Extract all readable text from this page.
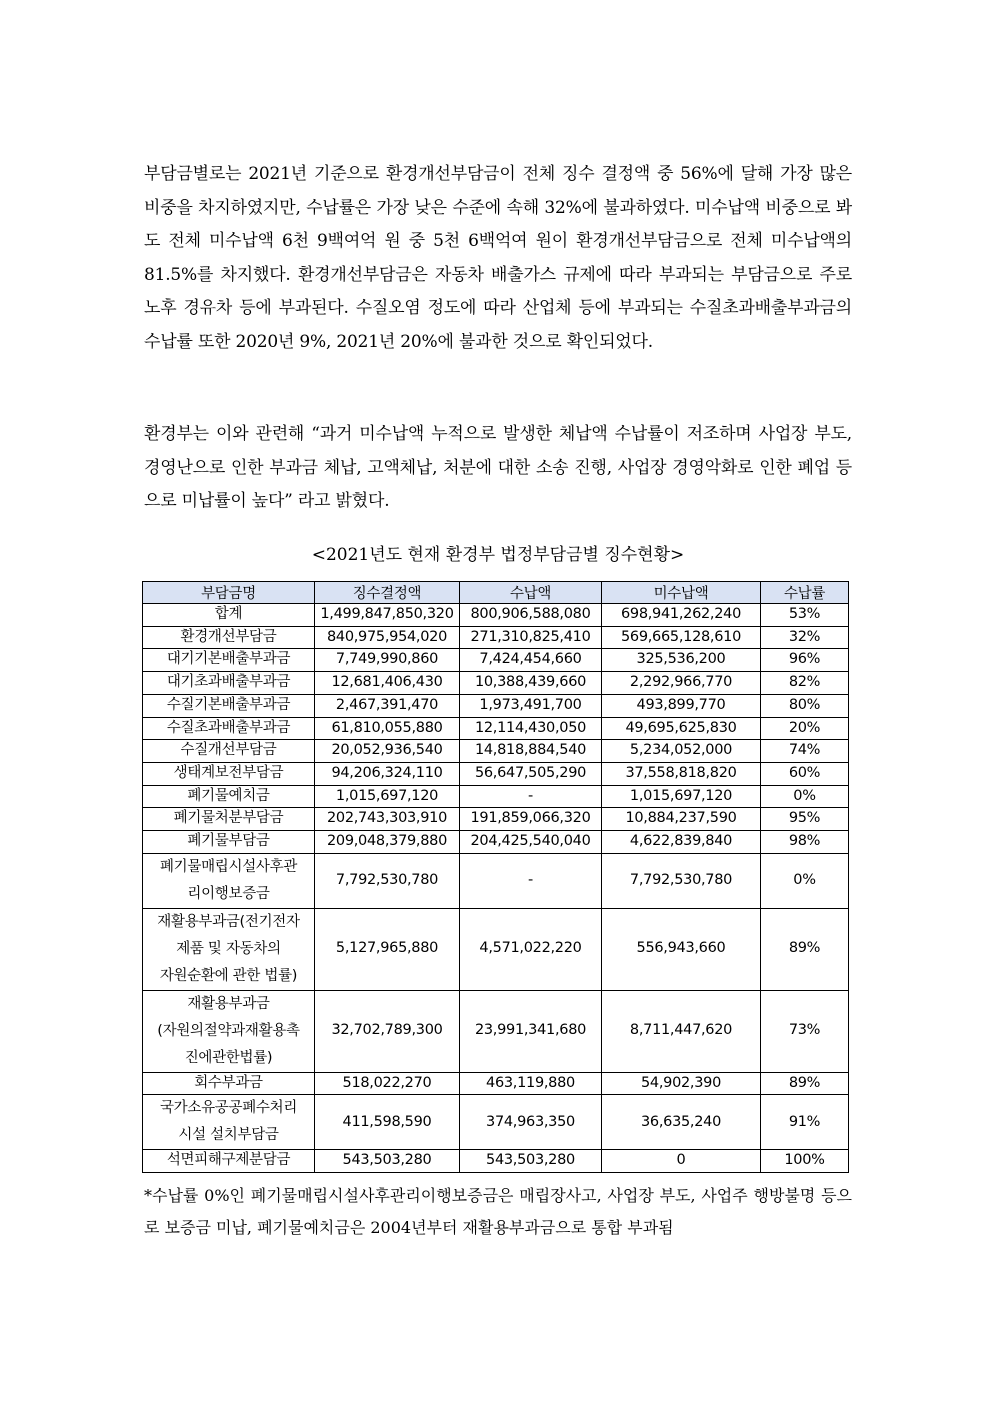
부담금별로는 2021년 기준으로 환경개선부담금이 전체 징수 결정액 중 56%에 달해 가장 많은 비중을 차지하였지만, 수납률은 가장 낮은 수준에 속해 32%에 불과하였다. 미수납액 비중으로 봐도 전체 미수납액 6천 9백여억 원 중 5천 6백억여 원이 환경개선부담금으로 전체 미수납액의 81.5%를 차지했다. 환경개선부담금은 자동차 배출가스 규제에 따라 부과되는 부담금으로 주로 노후 경유차 등에 부과된다. 수질오염 정도에 따라 산업체 등에 부과되는 수질초과배출부과금의 수납률 또한 2020년 9%, 2021년 20%에 불과한 것으로 확인되었다.

환경부는 이와 관련해 “과거 미수납액 누적으로 발생한 체납액 수납률이 저조하며 사업장 부도, 경영난으로 인한 부과금 체납, 고액체납, 처분에 대한 소송 진행, 사업장 경영악화로 인한 폐업 등으로 미납률이 높다” 라고 밝혔다.

<2021년도 현재 환경부 법정부담금별 징수현황>
부담금명	징수결정액	수납액	미수납액	수납률
합계	1,499,847,850,320	800,906,588,080	698,941,262,240	53%
환경개선부담금	840,975,954,020	271,310,825,410	569,665,128,610	32%
대기기본배출부과금	7,749,990,860	7,424,454,660	325,536,200	96%
대기초과배출부과금	12,681,406,430	10,388,439,660	2,292,966,770	82%
수질기본배출부과금	2,467,391,470	1,973,491,700	493,899,770	80%
수질초과배출부과금	61,810,055,880	12,114,430,050	49,695,625,830	20%
수질개선부담금	20,052,936,540	14,818,884,540	5,234,052,000	74%
생태계보전부담금	94,206,324,110	56,647,505,290	37,558,818,820	60%
폐기물예치금	1,015,697,120	-	1,015,697,120	0%
폐기물처분부담금	202,743,303,910	191,859,066,320	10,884,237,590	95%
폐기물부담금	209,048,379,880	204,425,540,040	4,622,839,840	98%
폐기물매립시설사후관
리이행보증금	7,792,530,780	-	7,792,530,780	0%
재활용부과금(전기전자
제품 및 자동차의
자원순환에 관한 법률)	5,127,965,880	4,571,022,220	556,943,660	89%
재활용부과금
(자원의절약과재활용촉
진에관한법률)	32,702,789,300	23,991,341,680	8,711,447,620	73%
회수부과금	518,022,270	463,119,880	54,902,390	89%
국가소유공공폐수처리
시설 설치부담금	411,598,590	374,963,350	36,635,240	91%
석면피해구제분담금	543,503,280	543,503,280	0	100%

*수납률 0%인 폐기물매립시설사후관리이행보증금은 매립장사고, 사업장 부도, 사업주 행방불명 등으로 보증금 미납, 폐기물예치금은 2004년부터 재활용부과금으로 통합 부과됨
